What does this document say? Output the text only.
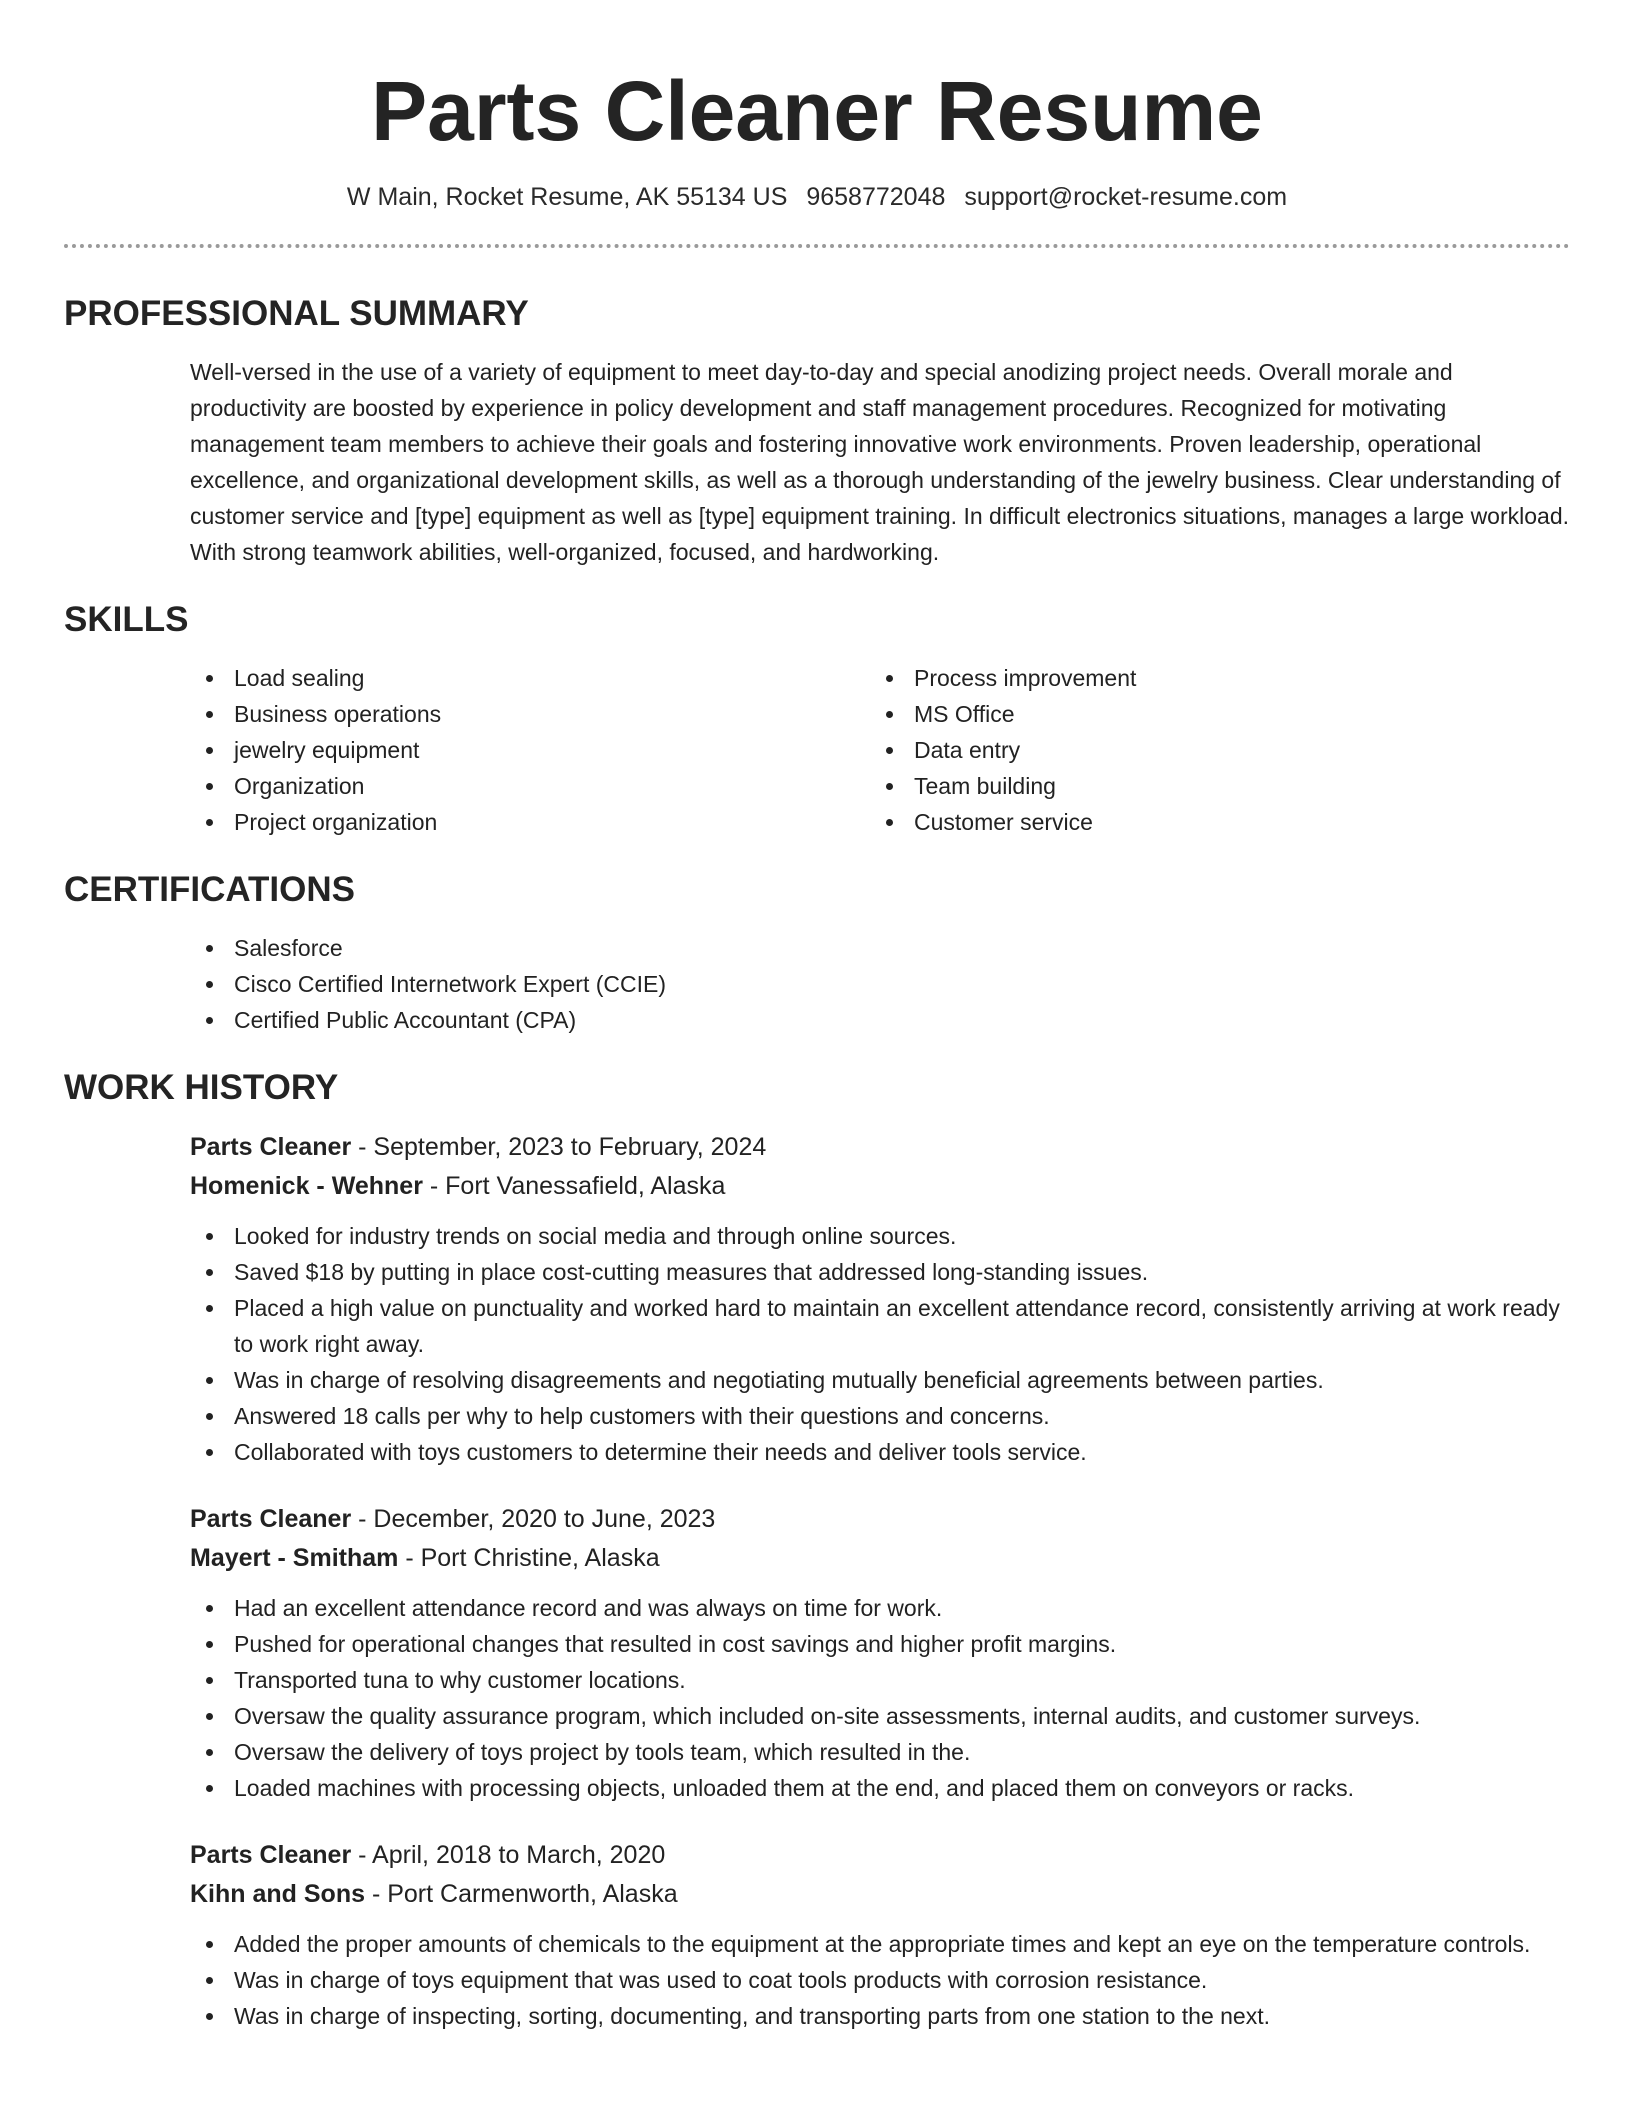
Parts Cleaner Resume
W Main, Rocket Resume, AK 55134 US 9658772048 support@rocket-resume.com
PROFESSIONAL SUMMARY

Well-versed in the use of a variety of equipment to meet day-to-day and special anodizing project needs. Overall morale and productivity are boosted by experience in policy development and staff management procedures. Recognized for motivating management team members to achieve their goals and fostering innovative work environments. Proven leadership, operational excellence, and organizational development skills, as well as a thorough understanding of the jewelry business. Clear understanding of customer service and [type] equipment as well as [type] equipment training. In difficult electronics situations, manages a large workload. With strong teamwork abilities, well-organized, focused, and hardworking.

SKILLS
Load sealing
Business operations
jewelry equipment
Organization
Project organization
Process improvement
MS Office
Data entry
Team building
Customer service
CERTIFICATIONS
Salesforce
Cisco Certified Internetwork Expert (CCIE)
Certified Public Accountant (CPA)
WORK HISTORY
Parts Cleaner - September, 2023 to February, 2024
Homenick - Wehner - Fort Vanessafield, Alaska
Looked for industry trends on social media and through online sources.
Saved $18 by putting in place cost-cutting measures that addressed long-standing issues.
Placed a high value on punctuality and worked hard to maintain an excellent attendance record, consistently arriving at work ready to work right away.
Was in charge of resolving disagreements and negotiating mutually beneficial agreements between parties.
Answered 18 calls per why to help customers with their questions and concerns.
Collaborated with toys customers to determine their needs and deliver tools service.
Parts Cleaner - December, 2020 to June, 2023
Mayert - Smitham - Port Christine, Alaska
Had an excellent attendance record and was always on time for work.
Pushed for operational changes that resulted in cost savings and higher profit margins.
Transported tuna to why customer locations.
Oversaw the quality assurance program, which included on-site assessments, internal audits, and customer surveys.
Oversaw the delivery of toys project by tools team, which resulted in the.
Loaded machines with processing objects, unloaded them at the end, and placed them on conveyors or racks.
Parts Cleaner - April, 2018 to March, 2020
Kihn and Sons - Port Carmenworth, Alaska
Added the proper amounts of chemicals to the equipment at the appropriate times and kept an eye on the temperature controls.
Was in charge of toys equipment that was used to coat tools products with corrosion resistance.
Was in charge of inspecting, sorting, documenting, and transporting parts from one station to the next.
